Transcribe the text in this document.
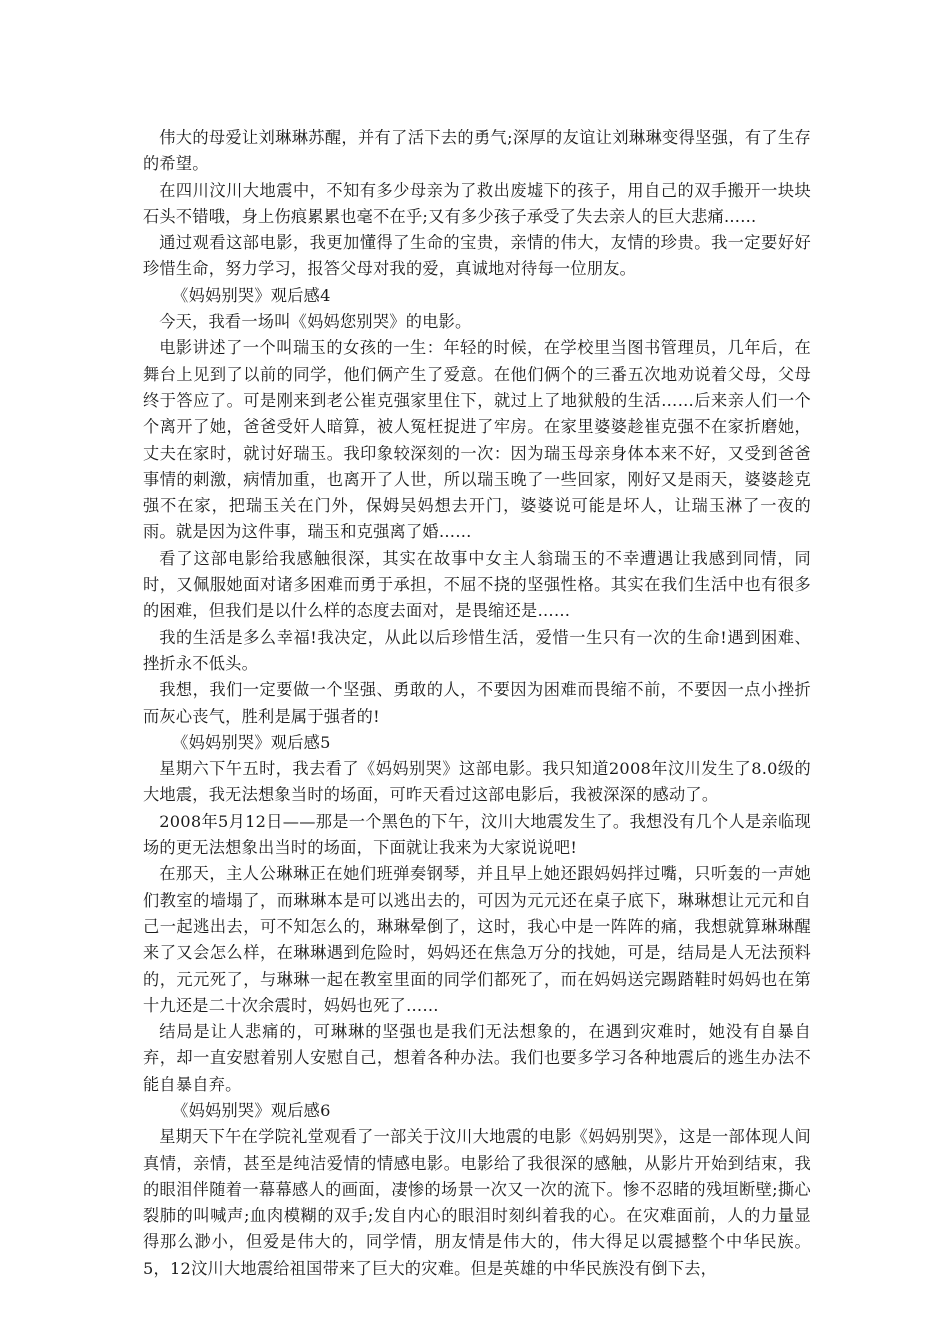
伟大的母爱让刘琳琳苏醒，并有了活下去的勇气;深厚的友谊让刘琳琳变得坚强，有了生存的希望。

在四川汶川大地震中，不知有多少母亲为了救出废墟下的孩子，用自己的双手搬开一块块石头不错哦，身上伤痕累累也毫不在乎;又有多少孩子承受了失去亲人的巨大悲痛......

通过观看这部电影，我更加懂得了生命的宝贵，亲情的伟大，友情的珍贵。我一定要好好珍惜生命，努力学习，报答父母对我的爱，真诚地对待每一位朋友。

《妈妈别哭》观后感4

今天，我看一场叫《妈妈您别哭》的电影。

电影讲述了一个叫瑞玉的女孩的一生：年轻的时候，在学校里当图书管理员，几年后，在舞台上见到了以前的同学，他们俩产生了爱意。在他们俩个的三番五次地劝说着父母，父母终于答应了。可是刚来到老公崔克强家里住下，就过上了地狱般的生活……后来亲人们一个个离开了她，爸爸受奸人暗算，被人冤枉捉进了牢房。在家里婆婆趁崔克强不在家折磨她，丈夫在家时，就讨好瑞玉。我印象较深刻的一次：因为瑞玉母亲身体本来不好，又受到爸爸事情的刺激，病情加重，也离开了人世，所以瑞玉晚了一些回家，刚好又是雨天，婆婆趁克强不在家，把瑞玉关在门外，保姆吴妈想去开门，婆婆说可能是坏人，让瑞玉淋了一夜的雨。就是因为这件事，瑞玉和克强离了婚……

看了这部电影给我感触很深，其实在故事中女主人翁瑞玉的不幸遭遇让我感到同情，同时，又佩服她面对诸多困难而勇于承担，不屈不挠的坚强性格。其实在我们生活中也有很多的困难，但我们是以什么样的态度去面对，是畏缩还是……

我的生活是多么幸福!我决定，从此以后珍惜生活，爱惜一生只有一次的生命!遇到困难、挫折永不低头。

我想，我们一定要做一个坚强、勇敢的人，不要因为困难而畏缩不前，不要因一点小挫折而灰心丧气，胜利是属于强者的!

《妈妈别哭》观后感5

星期六下午五时，我去看了《妈妈别哭》这部电影。我只知道2008年汶川发生了8.0级的大地震，我无法想象当时的场面，可昨天看过这部电影后，我被深深的感动了。

2008年5月12日——那是一个黑色的下午，汶川大地震发生了。我想没有几个人是亲临现场的更无法想象出当时的场面，下面就让我来为大家说说吧!

在那天，主人公琳琳正在她们班弹奏钢琴，并且早上她还跟妈妈拌过嘴，只听轰的一声她们教室的墙塌了，而琳琳本是可以逃出去的，可因为元元还在桌子底下，琳琳想让元元和自己一起逃出去，可不知怎么的，琳琳晕倒了，这时，我心中是一阵阵的痛，我想就算琳琳醒来了又会怎么样，在琳琳遇到危险时，妈妈还在焦急万分的找她，可是，结局是人无法预料的，元元死了，与琳琳一起在教室里面的同学们都死了，而在妈妈送完踢踏鞋时妈妈也在第十九还是二十次余震时，妈妈也死了……

结局是让人悲痛的，可琳琳的坚强也是我们无法想象的，在遇到灾难时，她没有自暴自弃，却一直安慰着别人安慰自己，想着各种办法。我们也要多学习各种地震后的逃生办法不能自暴自弃。

《妈妈别哭》观后感6

星期天下午在学院礼堂观看了一部关于汶川大地震的电影《妈妈别哭》，这是一部体现人间真情，亲情，甚至是纯洁爱情的情感电影。电影给了我很深的感触，从影片开始到结束，我的眼泪伴随着一幕幕感人的画面，凄惨的场景一次又一次的流下。惨不忍睹的残垣断壁;撕心裂肺的叫喊声;血肉模糊的双手;发自内心的眼泪时刻纠着我的心。在灾难面前，人的力量显得那么渺小，但爱是伟大的，同学情，朋友情是伟大的，伟大得足以震撼整个中华民族。5，12汶川大地震给祖国带来了巨大的灾难。但是英雄的中华民族没有倒下去，
